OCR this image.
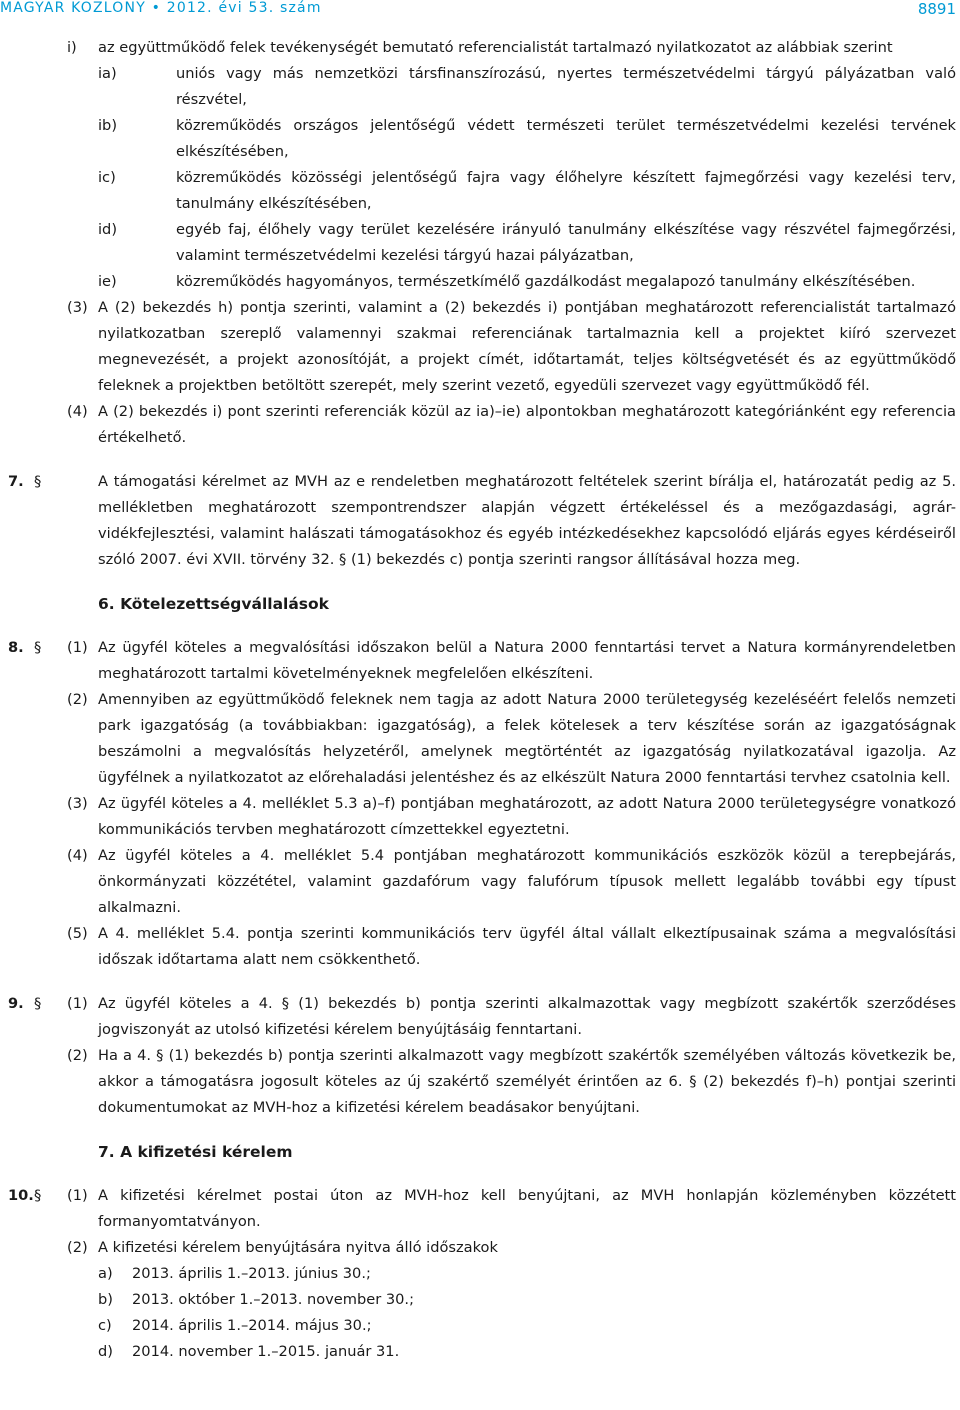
MAGYAR KÖZLÖNY • 2012. évi 53. szám	8891
i) az együttműködő felek tevékenységét bemutató referencialistát tartalmazó nyilatkozatot az alábbiak szerint
ia)	uniós vagy más nemzetközi társfinanszírozású, nyertes természetvédelmi tárgyú pályázatban való részvétel,
ib)	közreműködés országos jelentőségű védett természeti terület természetvédelmi kezelési tervének elkészítésében,
ic)	közreműködés közösségi jelentőségű fajra vagy élőhelyre készített fajmegőrzési vagy kezelési terv, tanulmány elkészítésében,
id)	egyéb faj, élőhely vagy terület kezelésére irányuló tanulmány elkészítése vagy részvétel fajmegőrzési, valamint természetvédelmi kezelési tárgyú hazai pályázatban,
ie)	közreműködés hagyományos, természetkímélő gazdálkodást megalapozó tanulmány elkészítésében.
(3) A (2) bekezdés h) pontja szerinti, valamint a (2) bekezdés i) pontjában meghatározott referencialistát tartalmazó nyilatkozatban szereplő valamennyi szakmai referenciának tartalmaznia kell a projektet kiíró szervezet megnevezését, a projekt azonosítóját, a projekt címét, időtartamát, teljes költségvetését és az együttműködő feleknek a projektben betöltött szerepét, mely szerint vezető, egyedüli szervezet vagy együttműködő fél.
(4) A (2) bekezdés i) pont szerinti referenciák közül az ia)–ie) alpontokban meghatározott kategóriánként egy referencia értékelhető.
7. §	A támogatási kérelmet az MVH az e rendeletben meghatározott feltételek szerint bírálja el, határozatát pedig az 5. mellékletben meghatározott szempontrendszer alapján végzett értékeléssel és a mezőgazdasági, agrár-vidékfejlesztési, valamint halászati támogatásokhoz és egyéb intézkedésekhez kapcsolódó eljárás egyes kérdéseiről szóló 2007. évi XVII. törvény 32. § (1) bekezdés c) pontja szerinti rangsor állításával hozza meg.
6. Kötelezettségvállalások
8. § (1) Az ügyfél köteles a megvalósítási időszakon belül a Natura 2000 fenntartási tervet a Natura kormányrendeletben meghatározott tartalmi követelményeknek megfelelően elkészíteni.
(2) Amennyiben az együttműködő feleknek nem tagja az adott Natura 2000 területegység kezeléséért felelős nemzeti park igazgatóság (a továbbiakban: igazgatóság), a felek kötelesek a terv készítése során az igazgatóságnak beszámolni a megvalósítás helyzetéről, amelynek megtörténtét az igazgatóság nyilatkozatával igazolja. Az ügyfélnek a nyilatkozatot az előrehaladási jelentéshez és az elkészült Natura 2000 fenntartási tervhez csatolnia kell.
(3) Az ügyfél köteles a 4. melléklet 5.3 a)–f) pontjában meghatározott, az adott Natura 2000 területegységre vonatkozó kommunikációs tervben meghatározott címzettekkel egyeztetni.
(4) Az ügyfél köteles a 4. melléklet 5.4 pontjában meghatározott kommunikációs eszközök közül a terepbejárás, önkormányzati közzététel, valamint gazdafórum vagy falufórum típusok mellett legalább további egy típust alkalmazni.
(5) A 4. melléklet 5.4. pontja szerinti kommunikációs terv ügyfél által vállalt elkeztípusainak száma a megvalósítási időszak időtartama alatt nem csökkenthető.
9. § (1) Az ügyfél köteles a 4. § (1) bekezdés b) pontja szerinti alkalmazottak vagy megbízott szakértők szerződéses jogviszonyát az utolsó kifizetési kérelem benyújtásáig fenntartani.
(2) Ha a 4. § (1) bekezdés b) pontja szerinti alkalmazott vagy megbízott szakértők személyében változás következik be, akkor a támogatásra jogosult köteles az új szakértő személyét érintően az 6. § (2) bekezdés f)–h) pontjai szerinti dokumentumokat az MVH-hoz a kifizetési kérelem beadásakor benyújtani.
7. A kifizetési kérelem
10. § (1) A kifizetési kérelmet postai úton az MVH-hoz kell benyújtani, az MVH honlapján közleményben közzétett formanyomtatványon.
(2) A kifizetési kérelem benyújtására nyitva álló időszakok
a) 2013. április 1.–2013. június 30.;
b) 2013. október 1.–2013. november 30.;
c) 2014. április 1.–2014. május 30.;
d) 2014. november 1.–2015. január 31.
